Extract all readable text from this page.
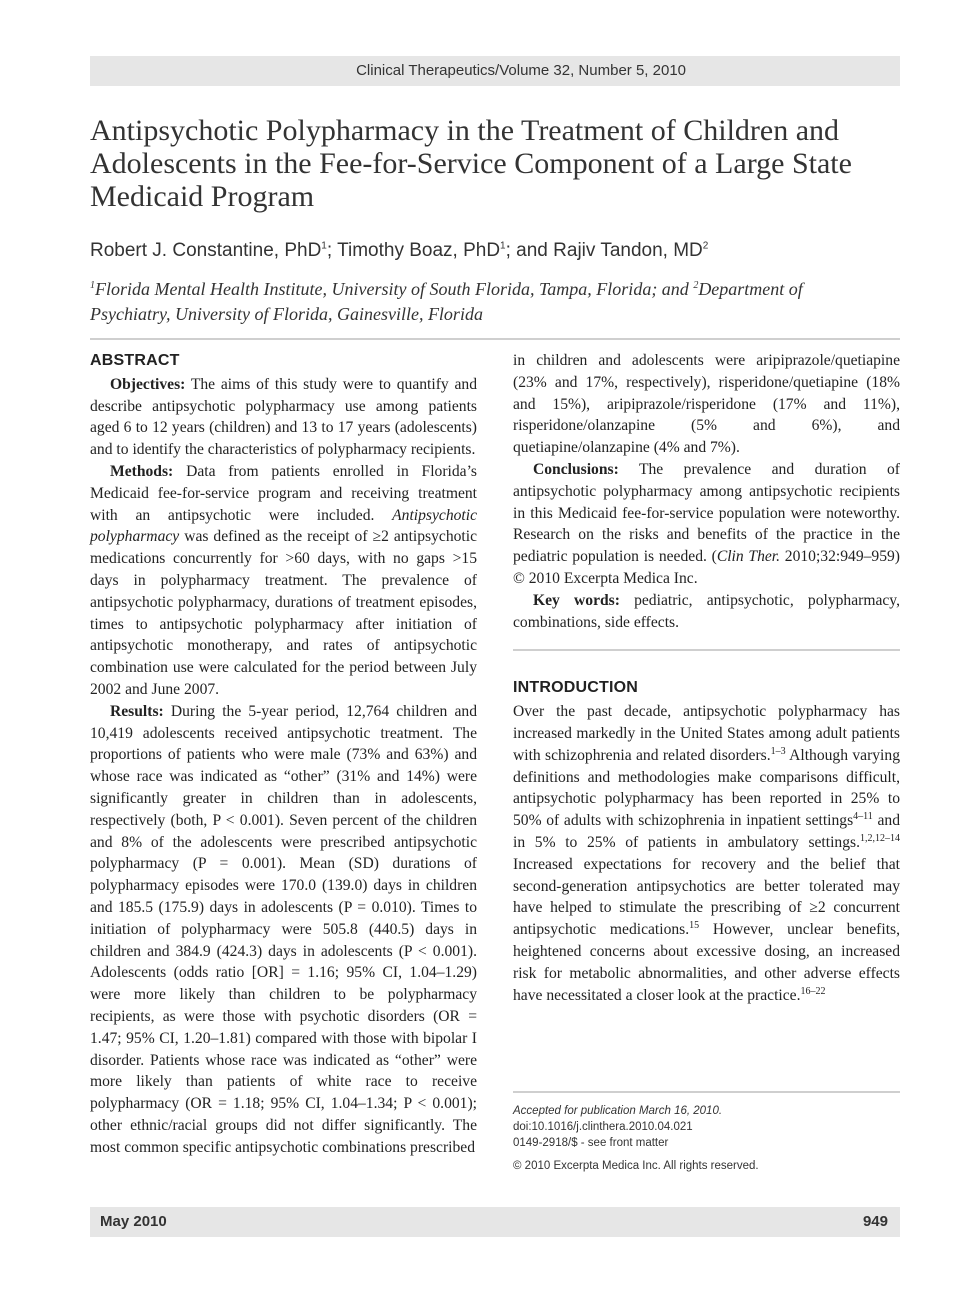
Clinical Therapeutics/Volume 32, Number 5, 2010
Antipsychotic Polypharmacy in the Treatment of Children and Adolescents in the Fee-for-Service Component of a Large State Medicaid Program
Robert J. Constantine, PhD$^1$; Timothy Boaz, PhD$^1$; and Rajiv Tandon, $MD^2$
$^1$Florida Mental Health Institute, University of South Florida, Tampa, Florida; and $^2$Department of Psychiatry, University of Florida, Gainesville, Florida
ABSTRACT

Objectives: The aims of this study were to quantify and describe antipsychotic polypharmacy use among patients aged 6 to 12 years (children) and 13 to 17 years (adolescents) and to identify the characteristics of polypharmacy recipients.

Methods: Data from patients enrolled in Florida’s Medicaid fee-for-service program and receiving treatment with an antipsychotic were included. Antipsychotic polypharmacy was defined as the receipt of ≥2 antipsychotic medications concurrently for >60 days, with no gaps >15 days in polypharmacy treatment. The prevalence of antipsychotic polypharmacy, durations of treatment episodes, times to antipsychotic polypharmacy after initiation of antipsychotic monotherapy, and rates of antipsychotic combination use were calculated for the period between July 2002 and June 2007.

Results: During the 5-year period, 12,764 children and 10,419 adolescents received antipsychotic treatment. The proportions of patients who were male (73% and 63%) and whose race was indicated as “other” (31% and 14%) were significantly greater in children than in adolescents, respectively (both, P < 0.001). Seven percent of the children and 8% of the adolescents were prescribed antipsychotic polypharmacy (P = 0.001). Mean (SD) durations of polypharmacy episodes were 170.0 (139.0) days in children and 185.5 (175.9) days in adolescents (P = 0.010). Times to initiation of polypharmacy were 505.8 (440.5) days in children and 384.9 (424.3) days in adolescents (P < 0.001). Adolescents (odds ratio [OR] = 1.16; 95% CI, 1.04–1.29) were more likely than children to be polypharmacy recipients, as were those with psychotic disorders (OR = 1.47; 95% CI, 1.20–1.81) compared with those with bipolar I disorder. Patients whose race was indicated as “other” were more likely than patients of white race to receive polypharmacy (OR = 1.18; 95% CI, 1.04–1.34; P < 0.001); other ethnic/racial groups did not differ significantly. The most common specific antipsychotic combinations prescribed

in children and adolescents were aripiprazole/quetiapine (23% and 17%, respectively), risperidone/quetiapine (18% and 15%), aripiprazole/risperidone (17% and 11%), risperidone/olanzapine (5% and 6%), and quetiapine/olanzapine (4% and 7%).

Conclusions: The prevalence and duration of antipsychotic polypharmacy among antipsychotic recipients in this Medicaid fee-for-service population were noteworthy. Research on the risks and benefits of the practice in the pediatric population is needed. (Clin Ther. 2010;32:949–959) © 2010 Excerpta Medica Inc.

Key words: pediatric, antipsychotic, polypharmacy, combinations, side effects.

INTRODUCTION

Over the past decade, antipsychotic polypharmacy has increased markedly in the United States among adult patients with schizophrenia and related disorders.$^{1-3}$ Although varying definitions and methodologies make comparisons difficult, antipsychotic polypharmacy has been reported in 25% to 50% of adults with schizophrenia in inpatient settings$^{4-11}$ and in 5% to 25% of patients in ambulatory settings.$^{1,2,12-14}$ Increased expectations for recovery and the belief that second-generation antipsychotics are better tolerated may have helped to stimulate the prescribing of ≥2 concurrent antipsychotic medications.$^{15}$ However, unclear benefits, heightened concerns about excessive dosing, an increased risk for metabolic abnormalities, and other adverse effects have necessitated a closer look at the practice.$^{16-22}$

Accepted for publication March 16, 2010.
doi:10.1016/j.clinthera.2010.04.021
0149-2918/$ - see front matter
© 2010 Excerpta Medica Inc. All rights reserved.
May 2010	949
